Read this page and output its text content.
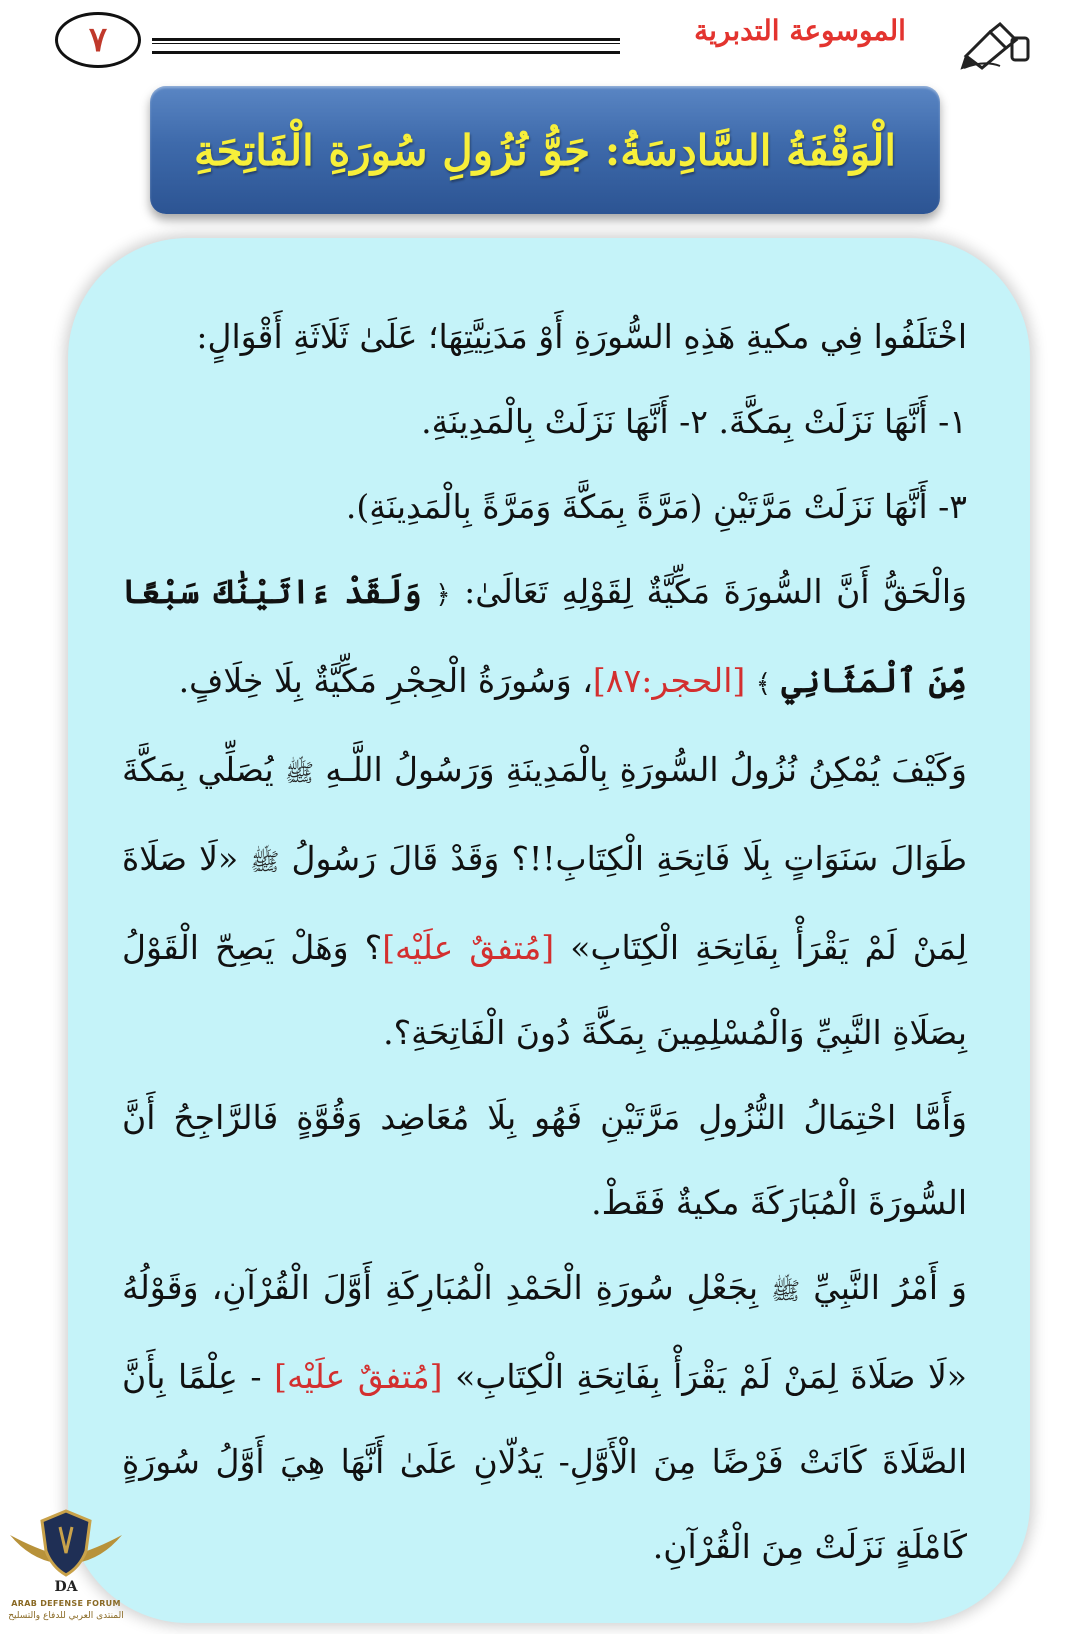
٧	الموسوعة التدبرية
الْوَقْفَةُ السَّادِسَةُ: جَوُّ نُزُولِ سُورَةِ الْفَاتِحَةِ

اخْتَلَفُوا فِي مكيةِ هَذِهِ السُّورَةِ أَوْ مَدَنِيَّتِهَا؛ عَلَىٰ ثَلَاثَةِ أَقْوَالٍ:

١- أَنَّهَا نَزَلَتْ بِمَكَّةَ. ٢- أَنَّهَا نَزَلَتْ بِالْمَدِينَةِ.

٣- أَنَّهَا نَزَلَتْ مَرَّتَيْنِ (مَرَّةً بِمَكَّةَ وَمَرَّةً بِالْمَدِينَةِ).

وَالْحَقُّ أَنَّ السُّورَةَ مَكِّيَّةٌ لِقَوْلِهِ تَعَالَىٰ: ﴿ وَلَقَدْ ءَاتَيْنَٰكَ سَبْعًا مِّنَ ٱلْمَثَانِي ﴾ [الحجر:٨٧]، وَسُورَةُ الْحِجْرِ مَكِّيَّةٌ بِلَا خِلَافٍ.

وَكَيْفَ يُمْكِنُ نُزُولُ السُّورَةِ بِالْمَدِينَةِ وَرَسُولُ اللَّـهِ ﷺ يُصَلِّي بِمَكَّةَ طَوَالَ سَنَوَاتٍ بِلَا فَاتِحَةِ الْكِتَابِ!!؟ وَقَدْ قَالَ رَسُولُ ﷺ «لَا صَلَاةَ لِمَنْ لَمْ يَقْرَأْ بِفَاتِحَةِ الْكِتَابِ» [مُتفقٌ علَيْه]؟ وَهَلْ يَصِحّ الْقَوْلُ بِصَلَاةِ النَّبِيِّ وَالْمُسْلِمِينَ بِمَكَّةَ دُونَ الْفَاتِحَةِ؟.

وَأَمَّا احْتِمَالُ النُّزُولِ مَرَّتَيْنِ فَهُو بِلَا مُعَاضِد وَقُوَّةٍ فَالرَّاجِحُ أَنَّ السُّورَةَ الْمُبَارَكَةَ مكيةٌ فَقَطْ.

وَ أَمْرُ النَّبِيِّ ﷺ بِجَعْلِ سُورَةِ الْحَمْدِ الْمُبَارِكَةِ أَوَّلَ الْقُرْآنِ، وَقَوْلُهُ «لَا صَلَاةَ لِمَنْ لَمْ يَقْرَأْ بِفَاتِحَةِ الْكِتَابِ» [مُتفقٌ علَيْه] - عِلْمًا بِأَنَّ الصَّلَاةَ كَانَتْ فَرْضًا مِنَ الْأَوَّلِ- يَدُلّانِ عَلَىٰ أَنَّهَا هِيَ أَوَّلُ سُورَةٍ كَامْلَةٍ نَزَلَتْ مِنَ الْقُرْآنِ.

DA
ARAB DEFENSE FORUM
المنتدى العربي للدفاع والتسليح
